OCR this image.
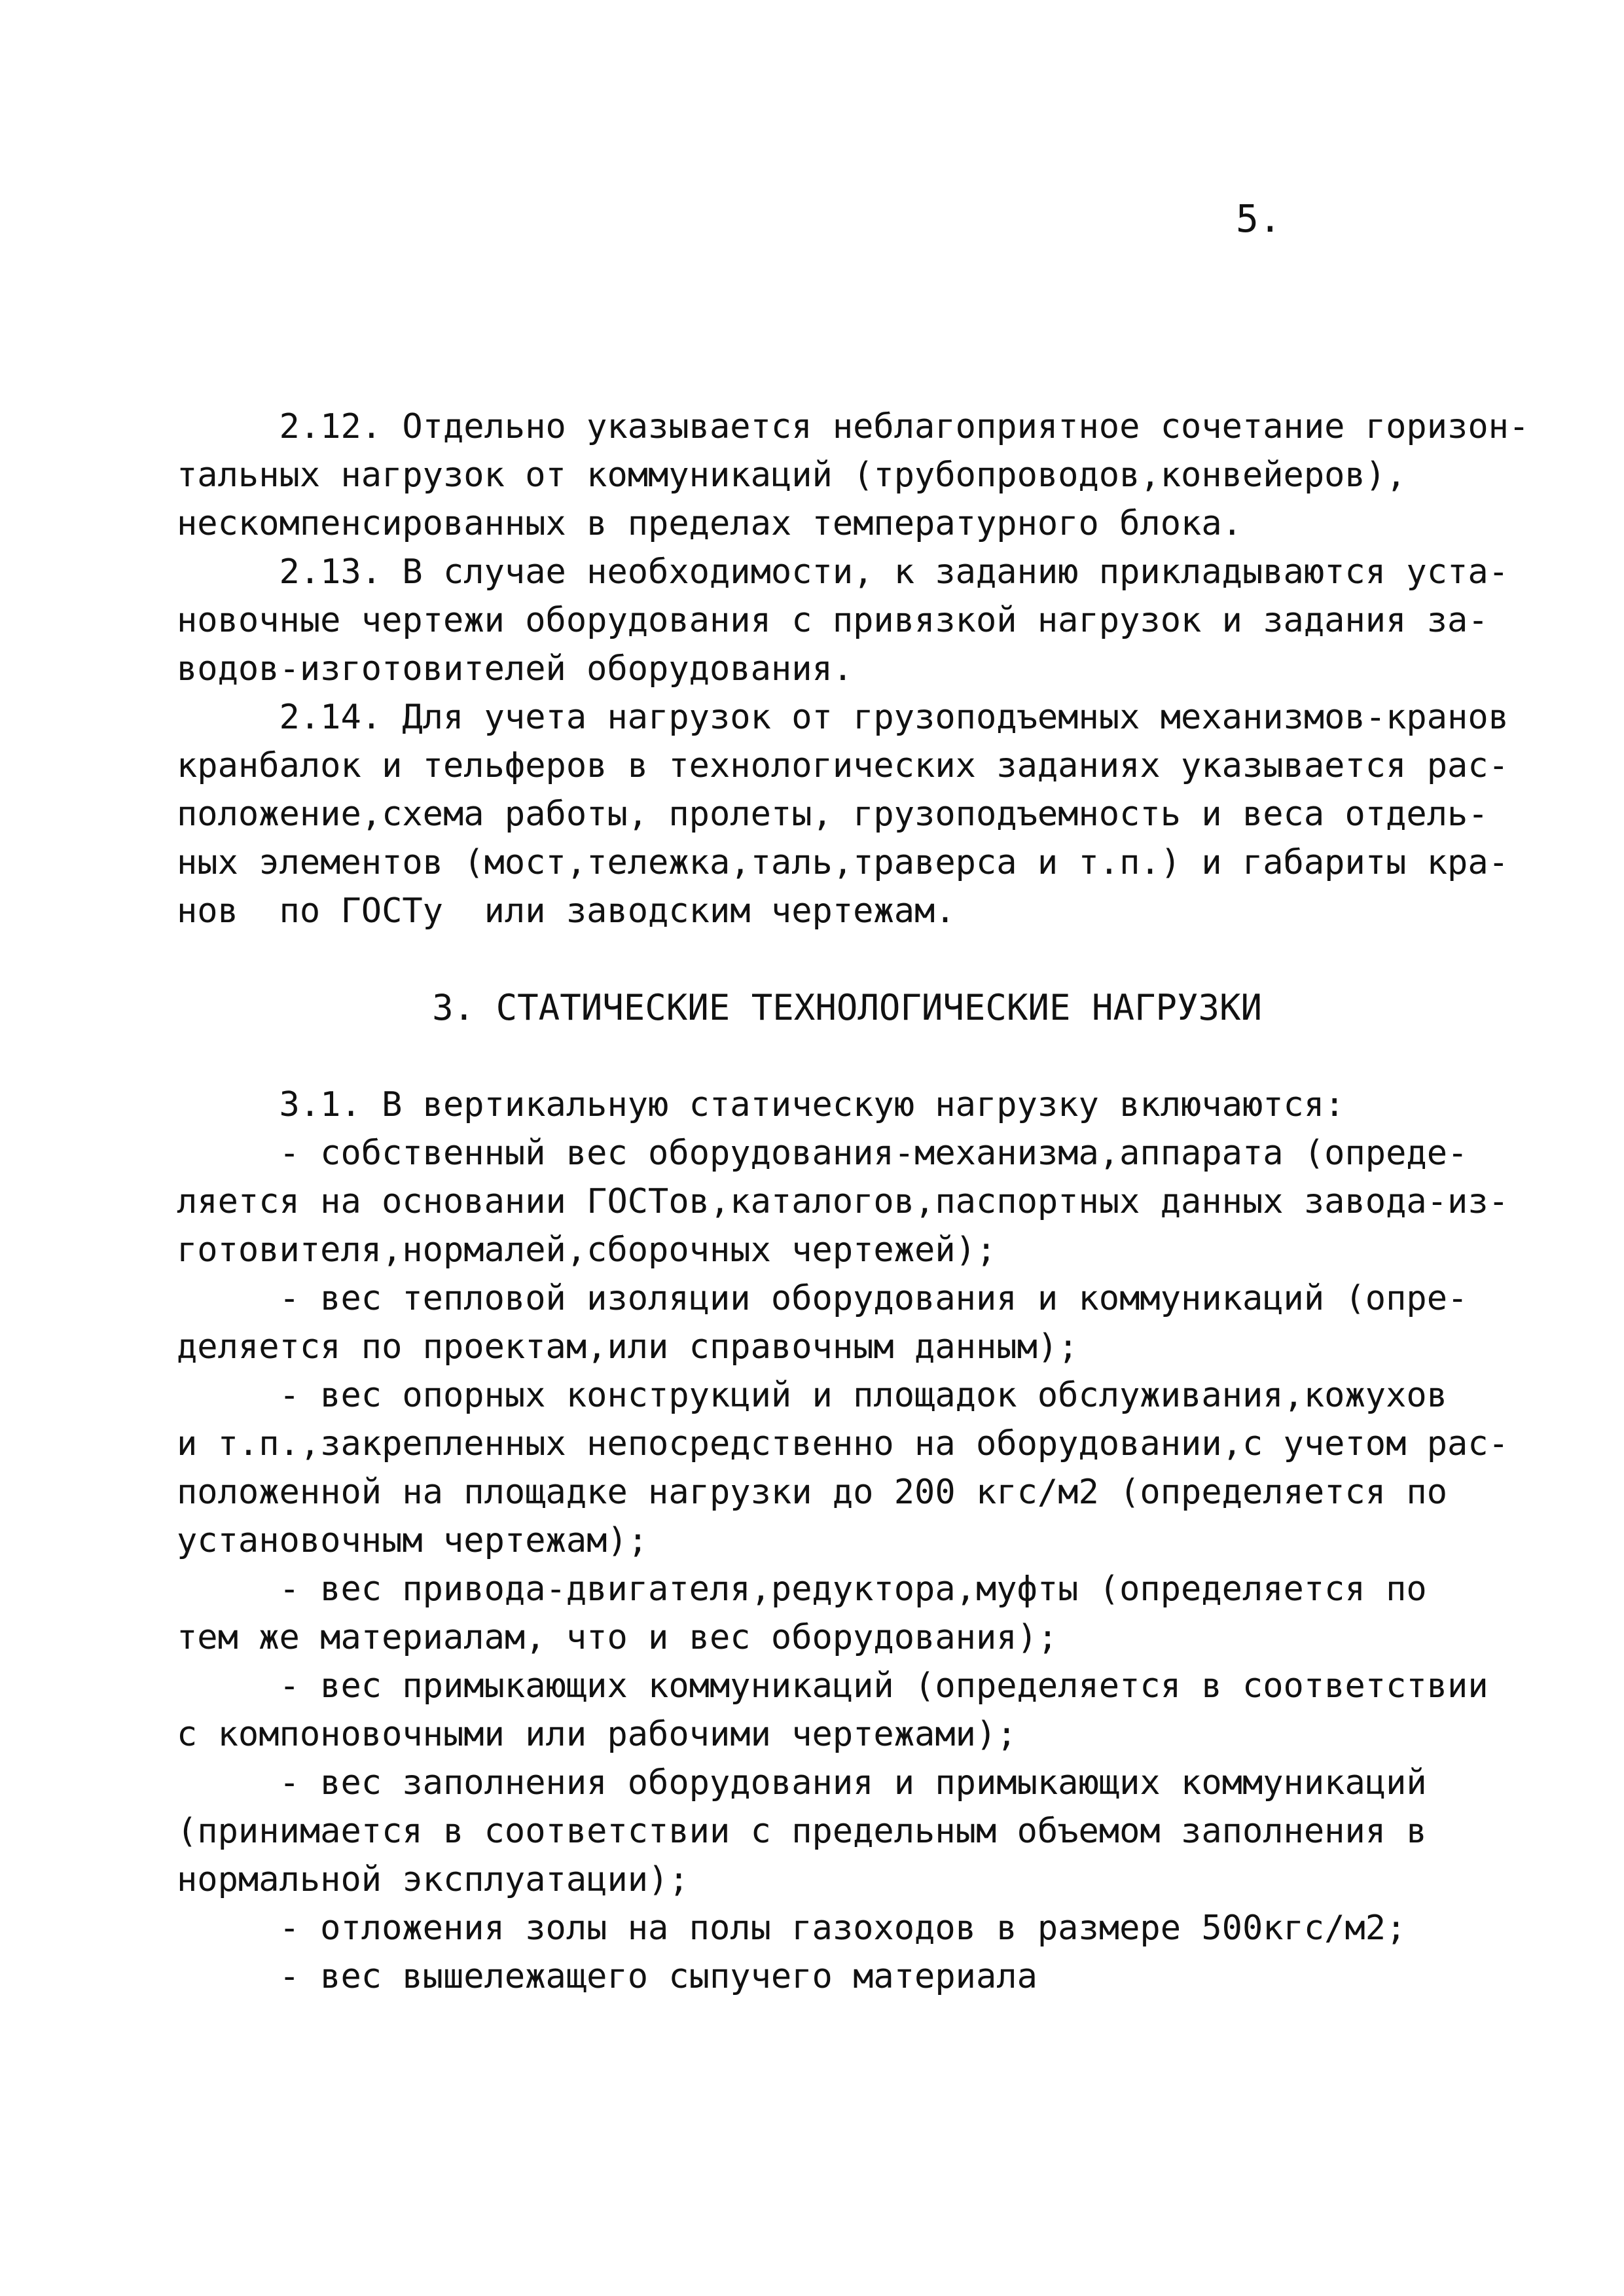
5.
2.12. Отдельно указывается неблагоприятное сочетание горизон-
тальных нагрузок от коммуникаций (трубопроводов,конвейеров),
нескомпенсированных в пределах температурного блока.
2.13. В случае необходимости, к заданию прикладываются уста-
новочные чертежи оборудования с привязкой нагрузок и задания за-
водов-изготовителей оборудования.
2.14. Для учета нагрузок от грузоподъемных механизмов-кранов
кранбалок и тельферов в технологических заданиях указывается рас-
положение,схема работы, пролеты, грузоподъемность и веса отдель-
ных элементов (мост,тележка,таль,траверса и т.п.) и габариты кра-
нов  по ГОСТу  или заводским чертежам.
3. СТАТИЧЕСКИЕ ТЕХНОЛОГИЧЕСКИЕ НАГРУЗКИ
3.1. В вертикальную статическую нагрузку включаются:
- собственный вес оборудования-механизма,аппарата (опреде-
ляется на основании ГОСТов,каталогов,паспортных данных завода-из-
готовителя,нормалей,сборочных чертежей);
- вес тепловой изоляции оборудования и коммуникаций (опре-
деляется по проектам,или справочным данным);
- вес опорных конструкций и площадок обслуживания,кожухов
и т.п.,закрепленных непосредственно на оборудовании,с учетом рас-
положенной на площадке нагрузки до 200 кгс/м2 (определяется по
установочным чертежам);
- вес привода-двигателя,редуктора,муфты (определяется по
тем же материалам, что и вес оборудования);
- вес примыкающих коммуникаций (определяется в соответствии
с компоновочными или рабочими чертежами);
- вес заполнения оборудования и примыкающих коммуникаций
(принимается в соответствии с предельным объемом заполнения в
нормальной эксплуатации);
- отложения золы на полы газоходов в размере 500кгс/м2;
- вес вышележащего сыпучего материала
